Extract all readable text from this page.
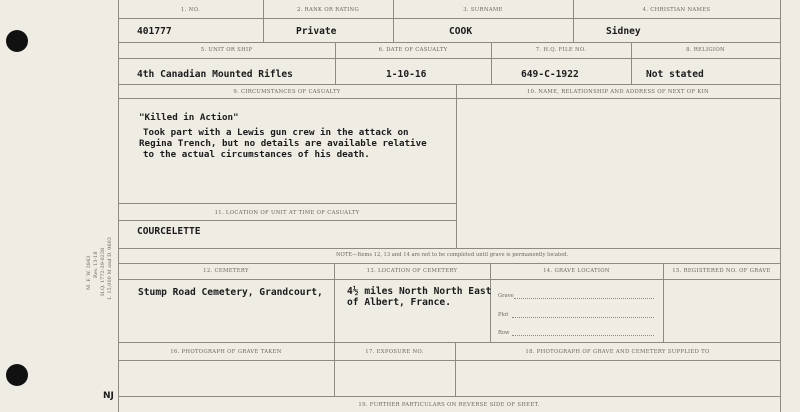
M. F. W. 2843 Rev. 13-18 H.Q. 1772-39-0238 1. 15,000 M and D. 9603
1. NO.	2. RANK OR RATING	3. SURNAME	4. CHRISTIAN NAMES
401777	Private	COOK	Sidney
5. UNIT OR SHIP	6. DATE OF CASUALTY	7. H.Q. FILE NO.	8. RELIGION
4th Canadian Mounted Rifles	1-10-16	649-C-1922	Not stated
9. CIRCUMSTANCES OF CASUALTY	10. NAME, RELATIONSHIP AND ADDRESS OF NEXT OF KIN
"Killed in Action"
Took part with a Lewis gun crew in the attack on
Regina Trench, but no details are available relative
to the actual circumstances of his death.
11. LOCATION OF UNIT AT TIME OF CASUALTY
COURCELETTE
NOTE—Items 12, 13 and 14 are not to be completed until grave is permanently located.
12. CEMETERY	13. LOCATION OF CEMETERY	14. GRAVE LOCATION	15. REGISTERED NO. OF GRAVE
Stump Road Cemetery, Grandcourt,	4½ miles North North East
of Albert, France.
Grave
Plot
Row
16. PHOTOGRAPH OF GRAVE TAKEN	17. EXPOSURE NO.	18. PHOTOGRAPH OF GRAVE AND CEMETERY SUPPLIED TO
19. FURTHER PARTICULARS ON REVERSE SIDE OF SHEET.
NJ
